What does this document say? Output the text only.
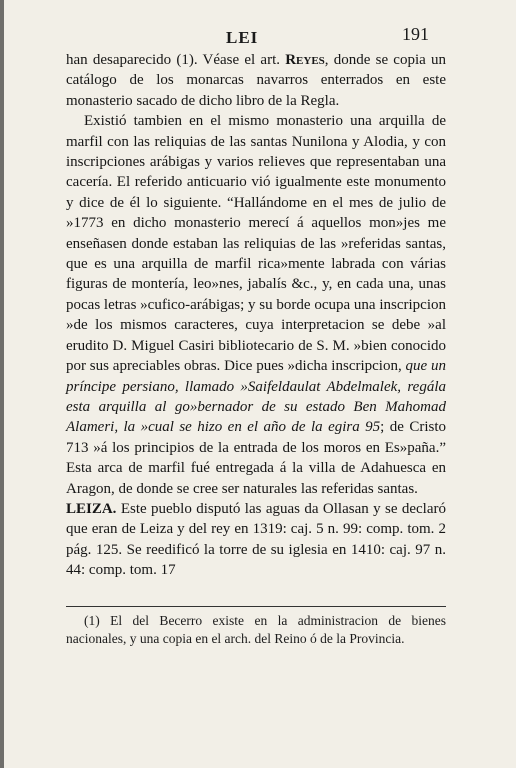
LEI	191

han desaparecido (1). Véase el art. Reyes, donde se copia un catálogo de los monarcas navarros enterrados en este monasterio sacado de dicho libro de la Regla.

Existió tambien en el mismo monasterio una arquilla de marfil con las reliquias de las santas Nunilona y Alodia, y con inscripciones arábigas y varios relieves que representaban una cacería. El referido anticuario vió igualmente este monumento y dice de él lo siguiente. “Hallándome en el mes de julio de »1773 en dicho monasterio merecí á aquellos mon»jes me enseñasen donde estaban las reliquias de las »referidas santas, que es una arquilla de marfil rica»mente labrada con várias figuras de montería, leo»nes, jabalís &c., y, en cada una, unas pocas letras »cufico-arábigas; y su borde ocupa una inscripcion »de los mismos caracteres, cuya interpretacion se debe »al erudito D. Miguel Casiri bibliotecario de S. M. »bien conocido por sus apreciables obras. Dice pues »dicha inscripcion, que un príncipe persiano, llamado »Saifeldaulat Abdelmalek, regála esta arquilla al go»bernador de su estado Ben Mahomad Alameri, la »cual se hizo en el año de la egira 95; de Cristo 713 »á los principios de la entrada de los moros en Es»paña.” Esta arca de marfil fué entregada á la villa de Adahuesca en Aragon, de donde se cree ser naturales las referidas santas.

LEIZA. Este pueblo disputó las aguas da Ollasan y se declaró que eran de Leiza y del rey en 1319: caj. 5 n. 99: comp. tom. 2 pág. 125. Se reedificó la torre de su iglesia en 1410: caj. 97 n. 44: comp. tom. 17

(1) El del Becerro existe en la administracion de bienes nacionales, y una copia en el arch. del Reino ó de la Provincia.
